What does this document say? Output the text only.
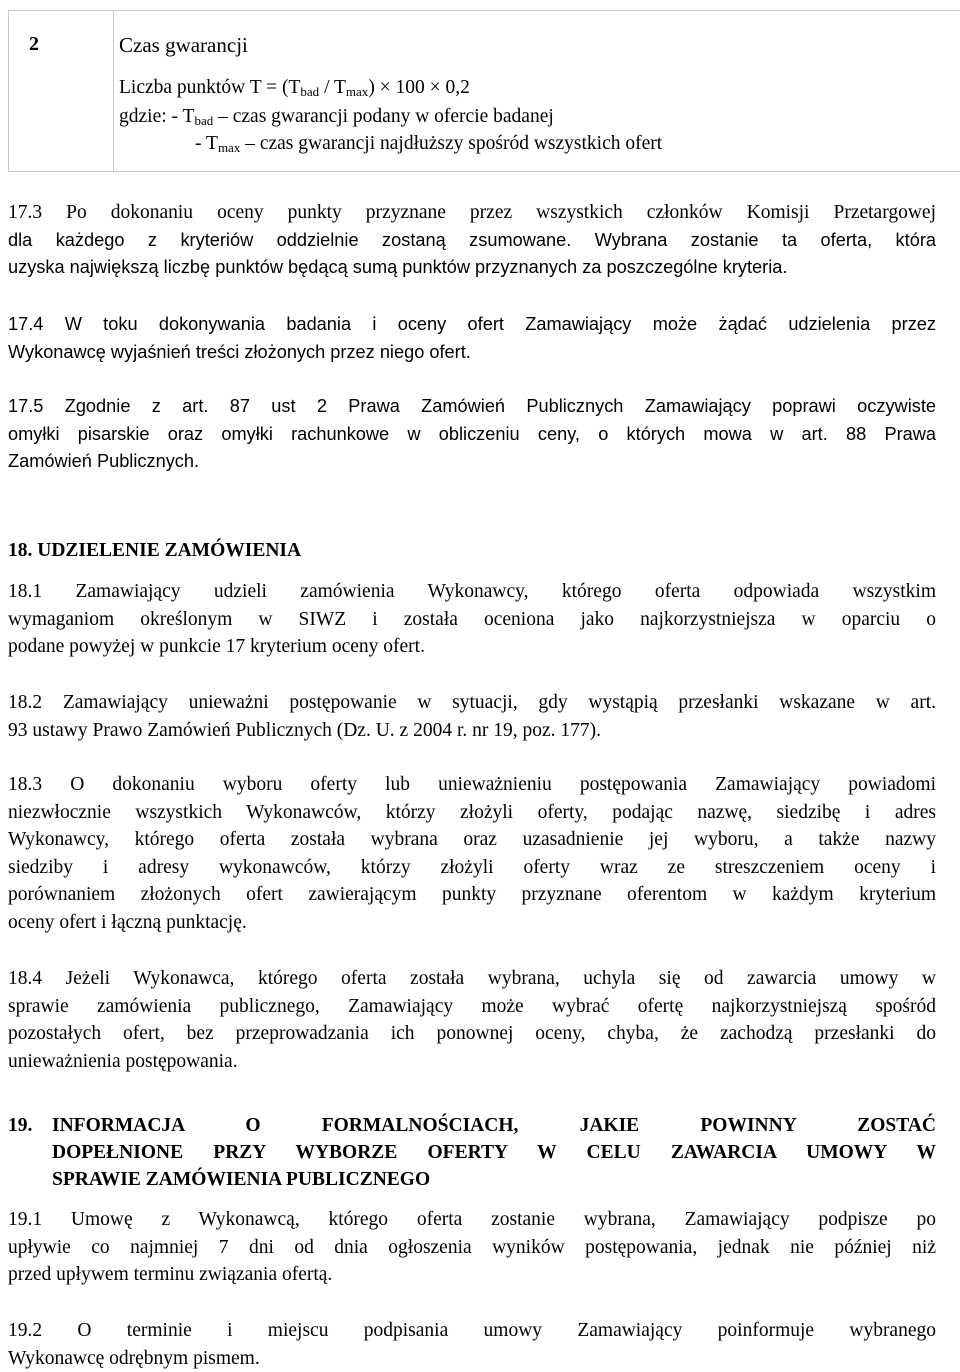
2	Czas gwarancji
Liczba punktów $T = (T_{bad} / T_{max}) \times 100 \times 0,2$
gdzie: - $T_{bad}$ – czas gwarancji podany w ofercie badanej
- $T_{max}$ – czas gwarancji najdłuższy spośród wszystkich ofert
17.3 Po dokonaniu oceny punkty przyznane przez wszystkich członków Komisji Przetargowej
dla każdego z kryteriów oddzielnie zostaną zsumowane. Wybrana zostanie ta oferta, która
uzyska największą liczbę punktów będącą sumą punktów przyznanych za poszczególne kryteria.
17.4 W toku dokonywania badania i oceny ofert Zamawiający może żądać udzielenia przez
Wykonawcę wyjaśnień treści złożonych przez niego ofert.
17.5 Zgodnie z art. 87 ust 2 Prawa Zamówień Publicznych Zamawiający poprawi oczywiste
omyłki pisarskie oraz omyłki rachunkowe w obliczeniu ceny, o których mowa w art. 88 Prawa
Zamówień Publicznych.
18. UDZIELENIE ZAMÓWIENIA
18.1 Zamawiający udzieli zamówienia Wykonawcy, którego oferta odpowiada wszystkim
wymaganiom określonym w SIWZ i została oceniona jako najkorzystniejsza w oparciu o
podane powyżej w punkcie 17 kryterium oceny ofert.
18.2 Zamawiający unieważni postępowanie w sytuacji, gdy wystąpią przesłanki wskazane w art.
93 ustawy Prawo Zamówień Publicznych (Dz. U. z 2004 r. nr 19, poz. 177).
18.3 O dokonaniu wyboru oferty lub unieważnieniu postępowania Zamawiający powiadomi
niezwłocznie wszystkich Wykonawców, którzy złożyli oferty, podając nazwę, siedzibę i adres
Wykonawcy, którego oferta została wybrana oraz uzasadnienie jej wyboru, a także nazwy
siedziby i adresy wykonawców, którzy złożyli oferty wraz ze streszczeniem oceny i
porównaniem złożonych ofert zawierającym punkty przyznane oferentom w każdym kryterium
oceny ofert i łączną punktację.
18.4 Jeżeli Wykonawca, którego oferta została wybrana, uchyla się od zawarcia umowy w
sprawie zamówienia publicznego, Zamawiający może wybrać ofertę najkorzystniejszą spośród
pozostałych ofert, bez przeprowadzania ich ponownej oceny, chyba, że zachodzą przesłanki do
unieważnienia postępowania.
19. INFORMACJA O FORMALNOŚCIACH, JAKIE POWINNY ZOSTAĆ
DOPEŁNIONE PRZY WYBORZE OFERTY W CELU ZAWARCIA UMOWY W
SPRAWIE ZAMÓWIENIA PUBLICZNEGO
19.1 Umowę z Wykonawcą, którego oferta zostanie wybrana, Zamawiający podpisze po
upływie co najmniej 7 dni od dnia ogłoszenia wyników postępowania, jednak nie później niż
przed upływem terminu związania ofertą.
19.2 O terminie i miejscu podpisania umowy Zamawiający poinformuje wybranego
Wykonawcę odrębnym pismem.
